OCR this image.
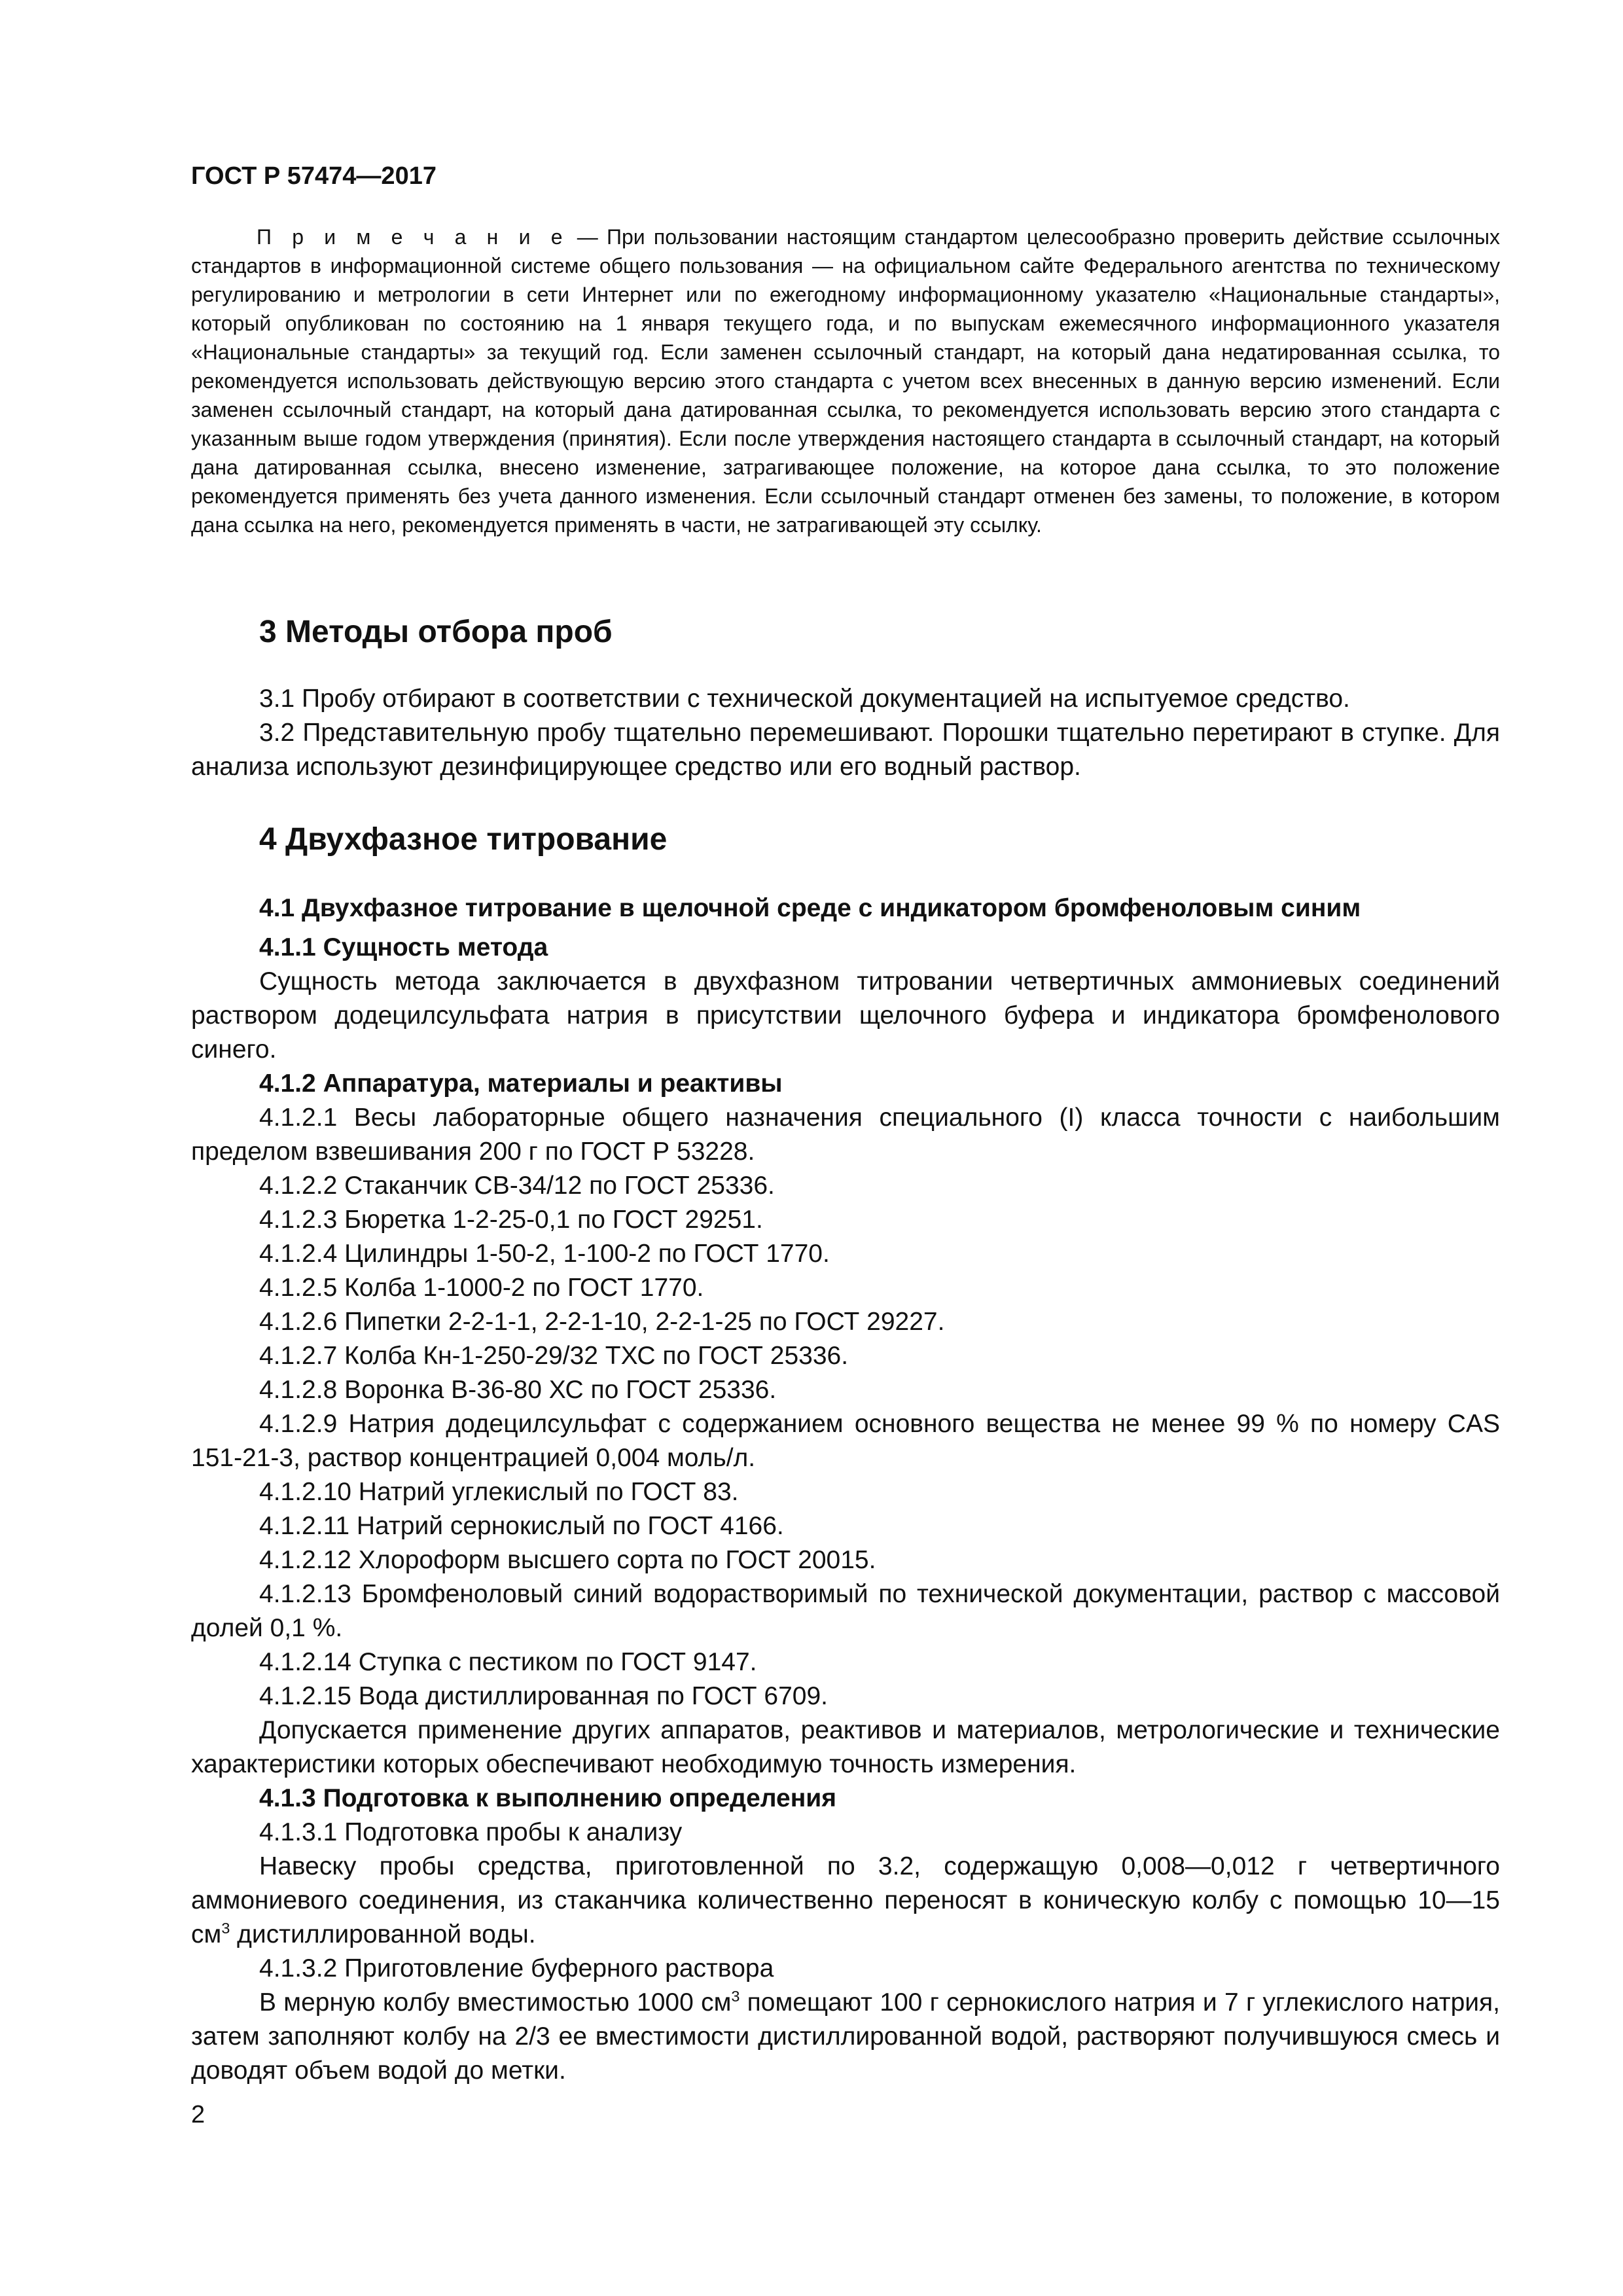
ГОСТ Р 57474—2017
П р и м е ч а н и е — При пользовании настоящим стандартом целесообразно проверить действие ссылочных стандартов в информационной системе общего пользования — на официальном сайте Федерального агентства по техническому регулированию и метрологии в сети Интернет или по ежегодному информационному указателю «Национальные стандарты», который опубликован по состоянию на 1 января текущего года, и по выпускам ежемесячного информационного указателя «Национальные стандарты» за текущий год. Если заменен ссылочный стандарт, на который дана недатированная ссылка, то рекомендуется использовать действующую версию этого стандарта с учетом всех внесенных в данную версию изменений. Если заменен ссылочный стандарт, на который дана датированная ссылка, то рекомендуется использовать версию этого стандарта с указанным выше годом утверждения (принятия). Если после утверждения настоящего стандарта в ссылочный стандарт, на который дана датированная ссылка, внесено изменение, затрагивающее положение, на которое дана ссылка, то это положение рекомендуется применять без учета данного изменения. Если ссылочный стандарт отменен без замены, то положение, в котором дана ссылка на него, рекомендуется применять в части, не затрагивающей эту ссылку.
3 Методы отбора проб

3.1 Пробу отбирают в соответствии с технической документацией на испытуемое средство.

3.2 Представительную пробу тщательно перемешивают. Порошки тщательно перетирают в ступке. Для анализа используют дезинфицирующее средство или его водный раствор.

4 Двухфазное титрование

4.1 Двухфазное титрование в щелочной среде с индикатором бромфеноловым синим

4.1.1 Сущность метода

Сущность метода заключается в двухфазном титровании четвертичных аммониевых соединений раствором додецилсульфата натрия в присутствии щелочного буфера и индикатора бромфенолового синего.

4.1.2 Аппаратура, материалы и реактивы

4.1.2.1 Весы лабораторные общего назначения специального (I) класса точности с наибольшим пределом взвешивания 200 г по ГОСТ Р 53228.

4.1.2.2 Стаканчик СВ-34/12 по ГОСТ 25336.

4.1.2.3 Бюретка 1-2-25-0,1 по ГОСТ 29251.

4.1.2.4 Цилиндры 1-50-2, 1-100-2 по ГОСТ 1770.

4.1.2.5 Колба 1-1000-2 по ГОСТ 1770.

4.1.2.6 Пипетки 2-2-1-1, 2-2-1-10, 2-2-1-25 по ГОСТ 29227.

4.1.2.7 Колба Кн-1-250-29/32 ТХС по ГОСТ 25336.

4.1.2.8 Воронка В-36-80 ХС по ГОСТ 25336.

4.1.2.9 Натрия додецилсульфат с содержанием основного вещества не менее 99 % по номеру CAS 151-21-3, раствор концентрацией 0,004 моль/л.

4.1.2.10 Натрий углекислый по ГОСТ 83.

4.1.2.11 Натрий сернокислый по ГОСТ 4166.

4.1.2.12 Хлороформ высшего сорта по ГОСТ 20015.

4.1.2.13 Бромфеноловый синий водорастворимый по технической документации, раствор с массовой долей 0,1 %.

4.1.2.14 Ступка с пестиком по ГОСТ 9147.

4.1.2.15 Вода дистиллированная по ГОСТ 6709.

Допускается применение других аппаратов, реактивов и материалов, метрологические и технические характеристики которых обеспечивают необходимую точность измерения.

4.1.3 Подготовка к выполнению определения

4.1.3.1 Подготовка пробы к анализу

Навеску пробы средства, приготовленной по 3.2, содержащую 0,008—0,012 г четвертичного аммониевого соединения, из стаканчика количественно переносят в коническую колбу с помощью 10—15 $см^3$ дистиллированной воды.

4.1.3.2 Приготовление буферного раствора

В мерную колбу вместимостью 1000 $см^3$ помещают 100 г сернокислого натрия и 7 г углекислого натрия, затем заполняют колбу на 2/3 ее вместимости дистиллированной водой, растворяют получившуюся смесь и доводят объем водой до метки.

2
